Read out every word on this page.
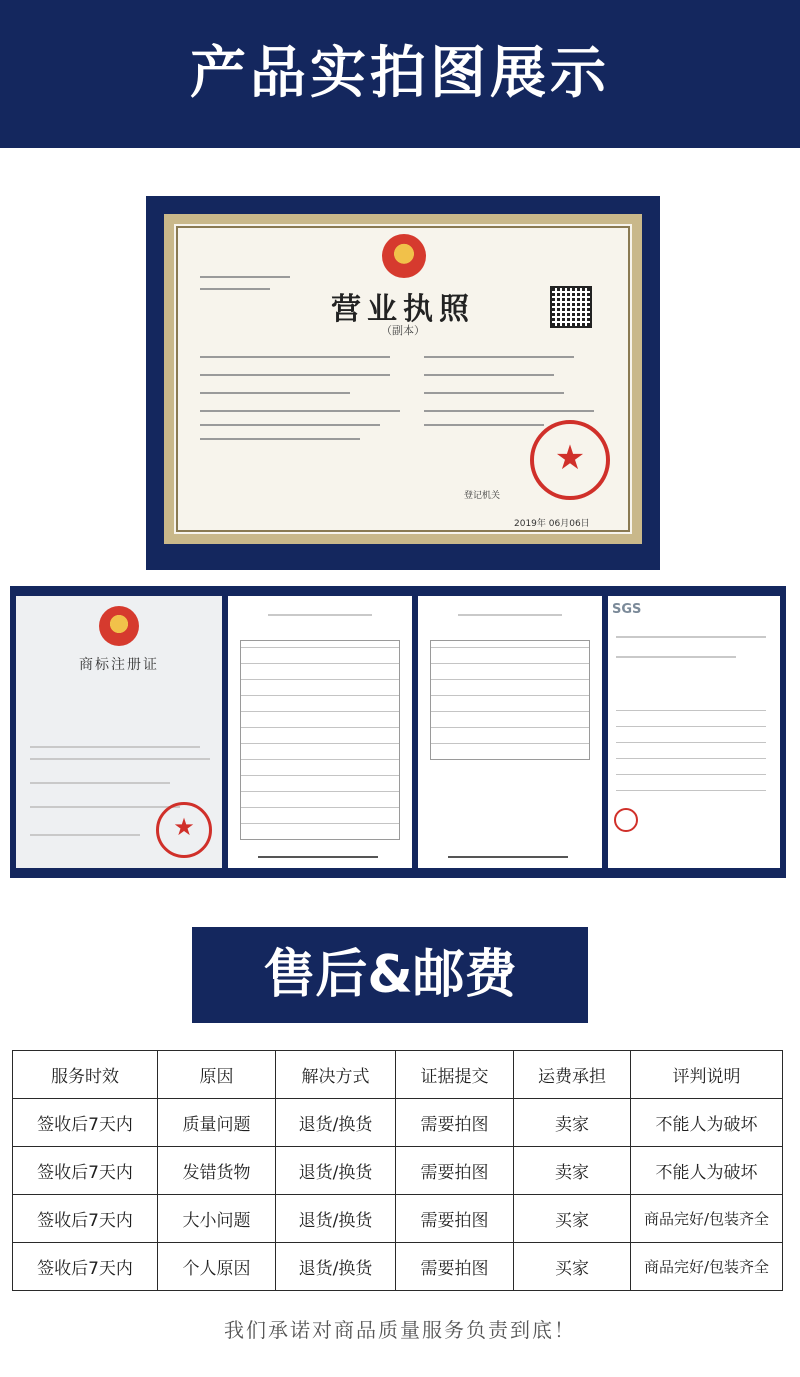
产品实拍图展示
营业执照
（副本）
★
登记机关
2019年 06月06日
商标注册证
★
SGS
售后&邮费
服务时效	原因	解决方式	证据提交	运费承担	评判说明
签收后7天内	质量问题	退货/换货	需要拍图	卖家	不能人为破坏
签收后7天内	发错货物	退货/换货	需要拍图	卖家	不能人为破坏
签收后7天内	大小问题	退货/换货	需要拍图	买家	商品完好/包装齐全
签收后7天内	个人原因	退货/换货	需要拍图	买家	商品完好/包装齐全
我们承诺对商品质量服务负责到底！
